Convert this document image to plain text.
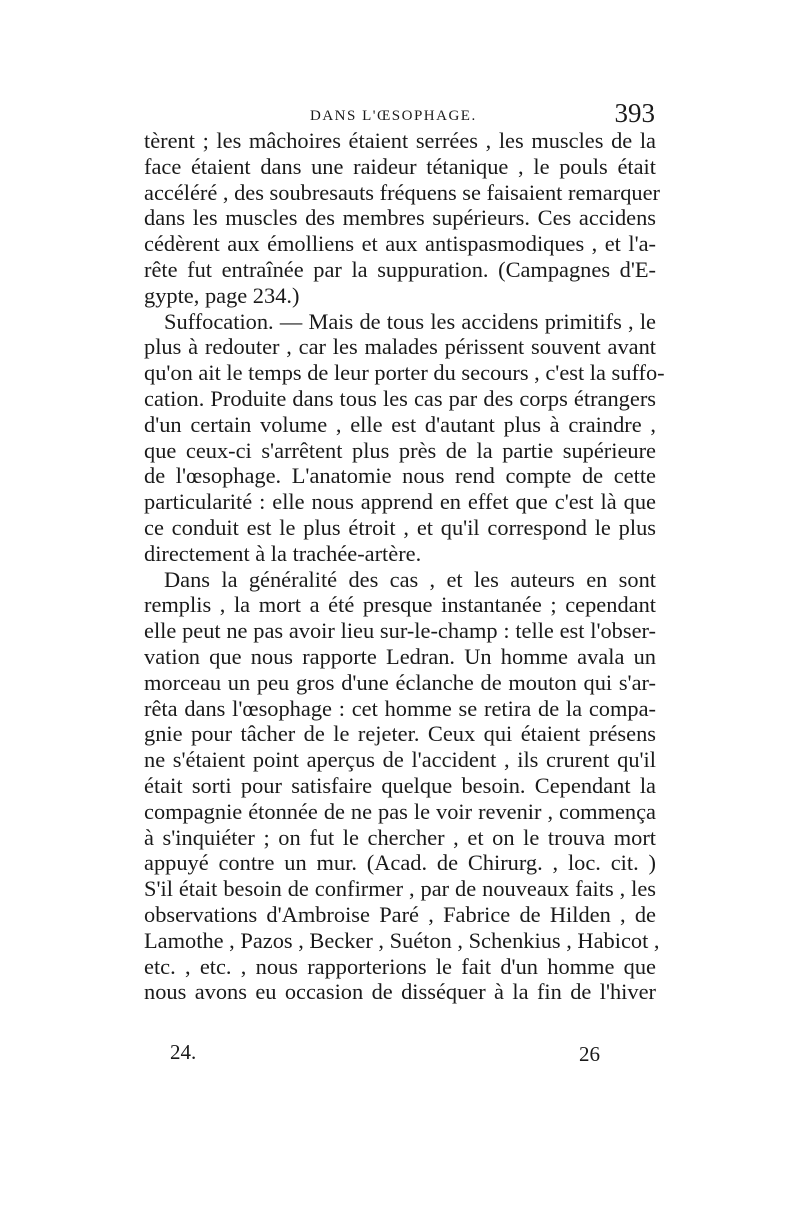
DANS L'ŒSOPHAGE.	393
tèrent ; les mâchoires étaient serrées , les muscles de la
face étaient dans une raideur tétanique , le pouls était
accéléré , des soubresauts fréquens se faisaient remarquer
dans les muscles des membres supérieurs. Ces accidens
cédèrent aux émolliens et aux antispasmodiques , et l'a-
rête fut entraînée par la suppuration. (Campagnes d'E-
gypte, page 234.)
Suffocation. — Mais de tous les accidens primitifs , le
plus à redouter , car les malades périssent souvent avant
qu'on ait le temps de leur porter du secours , c'est la suffo-
cation. Produite dans tous les cas par des corps étrangers
d'un certain volume , elle est d'autant plus à craindre ,
que ceux-ci s'arrêtent plus près de la partie supérieure
de l'œsophage. L'anatomie nous rend compte de cette
particularité : elle nous apprend en effet que c'est là que
ce conduit est le plus étroit , et qu'il correspond le plus
directement à la trachée-artère.
Dans la généralité des cas , et les auteurs en sont
remplis , la mort a été presque instantanée ; cependant
elle peut ne pas avoir lieu sur-le-champ : telle est l'obser-
vation que nous rapporte Ledran. Un homme avala un
morceau un peu gros d'une éclanche de mouton qui s'ar-
rêta dans l'œsophage : cet homme se retira de la compa-
gnie pour tâcher de le rejeter. Ceux qui étaient présens
ne s'étaient point aperçus de l'accident , ils crurent qu'il
était sorti pour satisfaire quelque besoin. Cependant la
compagnie étonnée de ne pas le voir revenir , commença
à s'inquiéter ; on fut le chercher , et on le trouva mort
appuyé contre un mur. (Acad. de Chirurg. , loc. cit. )
S'il était besoin de confirmer , par de nouveaux faits , les
observations d'Ambroise Paré , Fabrice de Hilden , de
Lamothe , Pazos , Becker , Suéton , Schenkius , Habicot ,
etc. , etc. , nous rapporterions le fait d'un homme que
nous avons eu occasion de disséquer à la fin de l'hiver
24.	26
